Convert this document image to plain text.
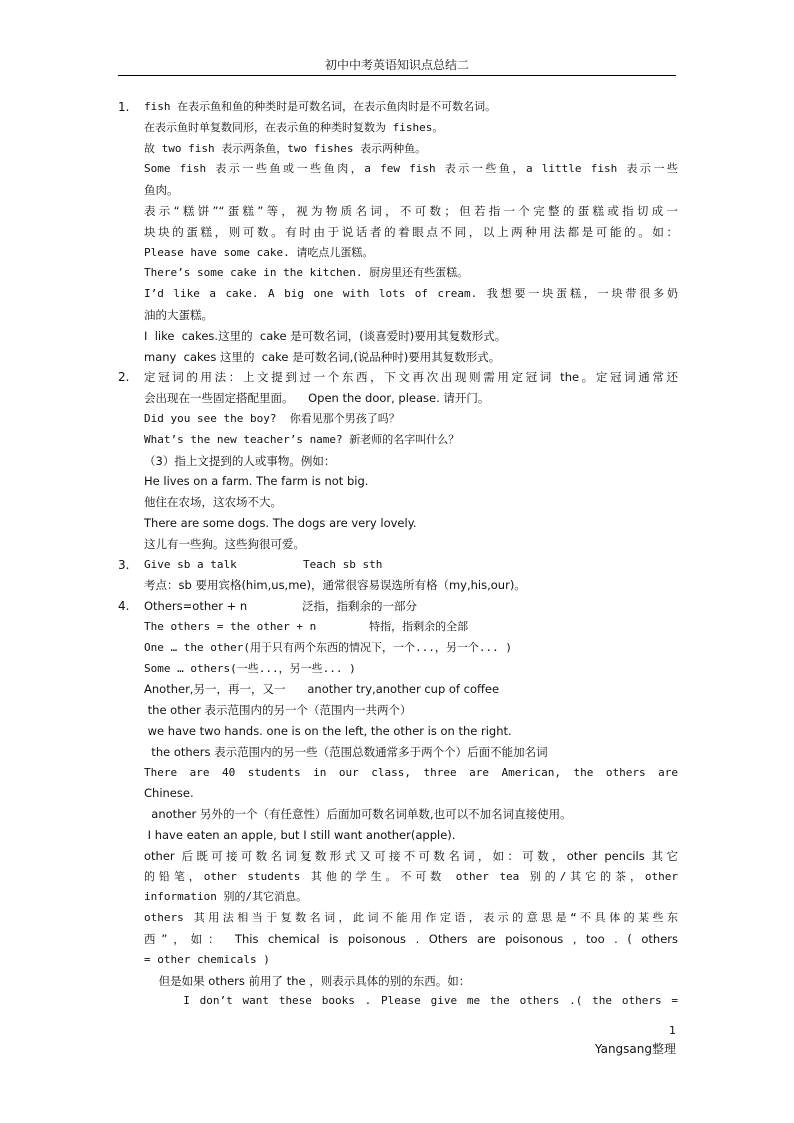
初中中考英语知识点总结二
1.	fish 在表示鱼和鱼的种类时是可数名词，在表示鱼肉时是不可数名词。
在表示鱼时单复数同形，在表示鱼的种类时复数为 fishes。
故 two fish 表示两条鱼，two fishes 表示两种鱼。
Some fish 表示一些鱼或一些鱼肉，a few fish 表示一些鱼，a little fish 表示一些
鱼肉。
表示“糕饼”“蛋糕”等，视为物质名词，不可数；但若指一个完整的蛋糕或指切成一
块块的蛋糕，则可数。有时由于说话者的着眼点不同，以上两种用法都是可能的。如：
Please have some cake. 请吃点儿蛋糕。
There’s some cake in the kitchen. 厨房里还有些蛋糕。
I’d like a cake. A big one with lots of cream. 我想要一块蛋糕，一块带很多奶
油的大蛋糕。
I  like  cakes.这里的  cake 是可数名词，(谈喜爱时)要用其复数形式。
many  cakes 这里的  cake 是可数名词,(说品种时)要用其复数形式。
2.	定冠词的用法：上文提到过一个东西，下文再次出现则需用定冠词 the。定冠词通常还
会出现在一些固定搭配里面。    Open the door, please. 请开门。
Did you see the boy?  你看见那个男孩了吗？
What’s the new teacher’s name? 新老师的名字叫什么？
（3）指上文提到的人或事物。例如：
He lives on a farm. The farm is not big.
他住在农场，这农场不大。
There are some dogs. The dogs are very lovely.
这儿有一些狗。这些狗很可爱。
3.	Give sb a talk          Teach sb sth
考点：sb 要用宾格(him,us,me)，通常很容易误选所有格（my,his,our)。
4.	Others=other + n               泛指，指剩余的一部分
The others = the other + n        特指，指剩余的全部
One … the other(用于只有两个东西的情况下，一个...，另一个... )
Some … others(一些...，另一些... )
Another,另一，再一，又一      another try,another cup of coffee
the other 表示范围内的另一个（范围内一共两个）
we have two hands. one is on the left, the other is on the right.
the others 表示范围内的另一些（范围总数通常多于两个个）后面不能加名词
There are 40 students in our class, three are American, the others are
Chinese.
another 另外的一个（有任意性）后面加可数名词单数,也可以不加名词直接使用。
I have eaten an apple, but I still want another(apple).
other 后既可接可数名词复数形式又可接不可数名词，如：可数，other pencils 其它
的铅笔，other students 其他的学生。不可数 other tea 别的/其它的茶，other
information 别的/其它消息。
others 其用法相当于复数名词，此词不能用作定语，表示的意思是“不具体的某些东
西”，如： This chemical is poisonous . Others are poisonous , too . ( others
= other chemicals )
但是如果 others 前用了 the ，则表示具体的别的东西。如：
I don’t want these books . Please give me the others .( the others =
1
Yangsang整理
